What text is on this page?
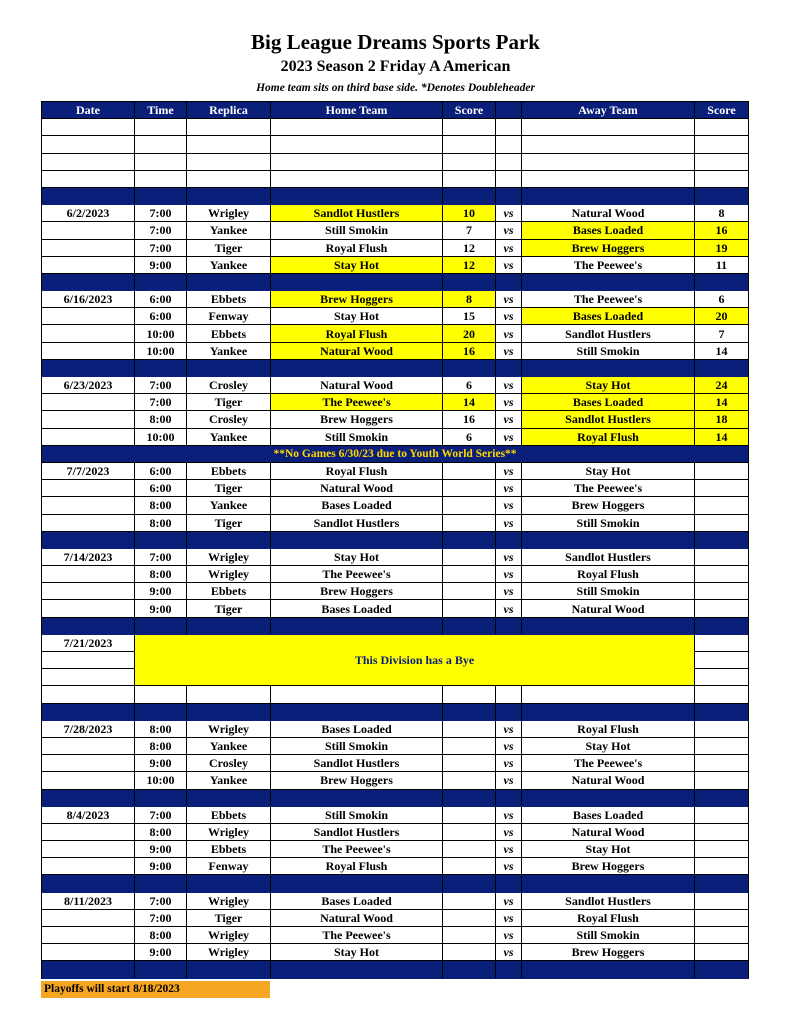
Big League Dreams Sports Park
2023 Season 2 Friday A American
Home team sits on third base side. *Denotes Doubleheader
Date	Time	Replica	Home Team	Score		Away Team	Score

6/2/2023	7:00	Wrigley	Sandlot Hustlers	10	vs	Natural Wood	8
	7:00	Yankee	Still Smokin	7	vs	Bases Loaded	16
	7:00	Tiger	Royal Flush	12	vs	Brew Hoggers	19
	9:00	Yankee	Stay Hot	12	vs	The Peewee's	11

6/16/2023	6:00	Ebbets	Brew Hoggers	8	vs	The Peewee's	6
	6:00	Fenway	Stay Hot	15	vs	Bases Loaded	20
	10:00	Ebbets	Royal Flush	20	vs	Sandlot Hustlers	7
	10:00	Yankee	Natural Wood	16	vs	Still Smokin	14

6/23/2023	7:00	Crosley	Natural Wood	6	vs	Stay Hot	24
	7:00	Tiger	The Peewee's	14	vs	Bases Loaded	14
	8:00	Crosley	Brew Hoggers	16	vs	Sandlot Hustlers	18
	10:00	Yankee	Still Smokin	6	vs	Royal Flush	14
**No Games 6/30/23 due to Youth World Series**							
7/7/2023	6:00	Ebbets	Royal Flush		vs	Stay Hot	
	6:00	Tiger	Natural Wood		vs	The Peewee's	
	8:00	Yankee	Bases Loaded		vs	Brew Hoggers	
	8:00	Tiger	Sandlot Hustlers		vs	Still Smokin	

7/14/2023	7:00	Wrigley	Stay Hot		vs	Sandlot Hustlers	
	8:00	Wrigley	The Peewee's		vs	Royal Flush	
	9:00	Ebbets	Brew Hoggers		vs	Still Smokin	
	9:00	Tiger	Bases Loaded		vs	Natural Wood	

7/21/2023	This Division has a Bye						

7/28/2023	8:00	Wrigley	Bases Loaded		vs	Royal Flush	
	8:00	Yankee	Still Smokin		vs	Stay Hot	
	9:00	Crosley	Sandlot Hustlers		vs	The Peewee's	
	10:00	Yankee	Brew Hoggers		vs	Natural Wood	

8/4/2023	7:00	Ebbets	Still Smokin		vs	Bases Loaded	
	8:00	Wrigley	Sandlot Hustlers		vs	Natural Wood	
	9:00	Ebbets	The Peewee's		vs	Stay Hot	
	9:00	Fenway	Royal Flush		vs	Brew Hoggers	

8/11/2023	7:00	Wrigley	Bases Loaded		vs	Sandlot Hustlers	
	7:00	Tiger	Natural Wood		vs	Royal Flush	
	8:00	Wrigley	The Peewee's		vs	Still Smokin	
	9:00	Wrigley	Stay Hot		vs	Brew Hoggers	

Playoffs will start 8/18/2023
